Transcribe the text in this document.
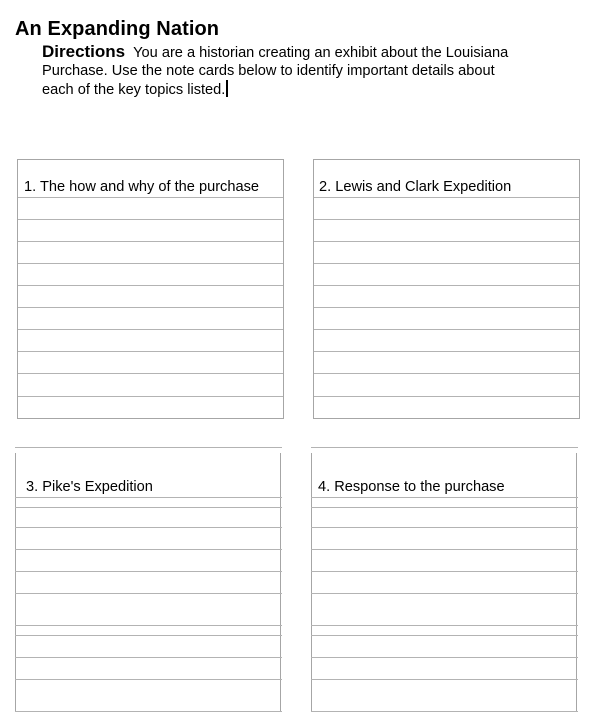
An Expanding Nation
Directions You are a historian creating an exhibit about the Louisiana Purchase. Use the note cards below to identify important details about each of the key topics listed.
1. The how and why of the purchase	2. Lewis and Clark Expedition
3. Pike's Expedition	4. Response to the purchase
